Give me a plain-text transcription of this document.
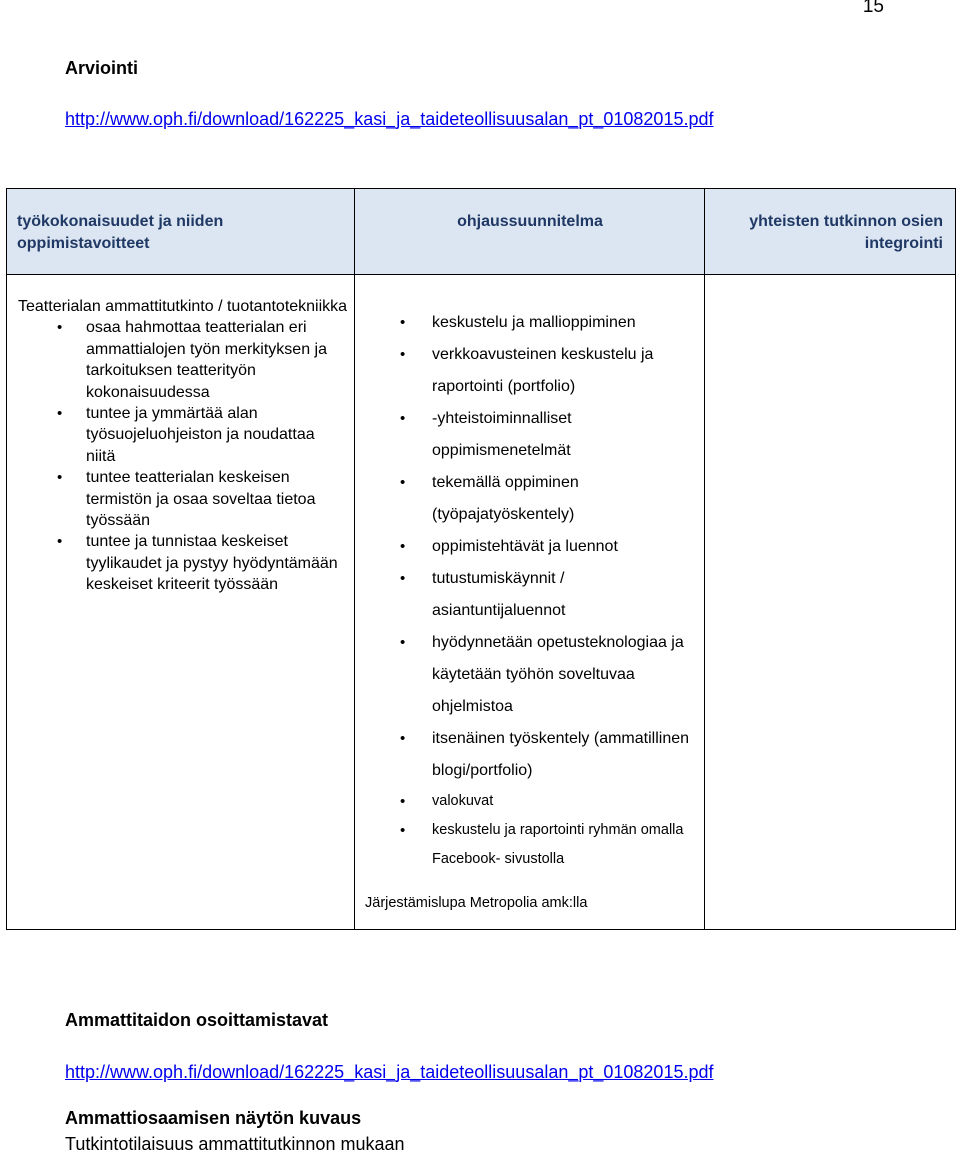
15
Arviointi
http://www.oph.fi/download/162225_kasi_ja_taideteollisuusalan_pt_01082015.pdf
työkokonaisuudet ja niiden oppimistavoitteet
ohjaussuunnitelma	yhteisten tutkinnon osien integrointi
Teatterialan ammattitutkinto / tuotantotekniikka
• osaa hahmottaa teatterialan eri ammattialojen työn merkityksen ja tarkoituksen teatterityön kokonaisuudessa
• tuntee ja ymmärtää alan työsuojeluohjeiston ja noudattaa niitä
• tuntee teatterialan keskeisen termistön ja osaa soveltaa tietoa työssään
• tuntee ja tunnistaa keskeiset tyylikaudet ja pystyy hyödyntämään keskeiset kriteerit työssään
• keskustelu ja mallioppiminen
• verkkoavusteinen keskustelu ja raportointi (portfolio)
• -yhteistoiminnalliset oppimismenetelmät
• tekemällä oppiminen (työpajatyöskentely)
• oppimistehtävät ja luennot
• tutustumiskäynnit / asiantuntijaluennot
• hyödynnetään opetusteknologiaa ja käytetään työhön soveltuvaa ohjelmistoa
• itsenäinen työskentely (ammatillinen blogi/portfolio)
• valokuvat
• keskustelu ja raportointi ryhmän omalla Facebook- sivustolla
Järjestämislupa Metropolia amk:lla
Ammattitaidon osoittamistavat
http://www.oph.fi/download/162225_kasi_ja_taideteollisuusalan_pt_01082015.pdf
Ammattiosaamisen näytön kuvaus
Tutkintotilaisuus ammattitutkinnon mukaan
